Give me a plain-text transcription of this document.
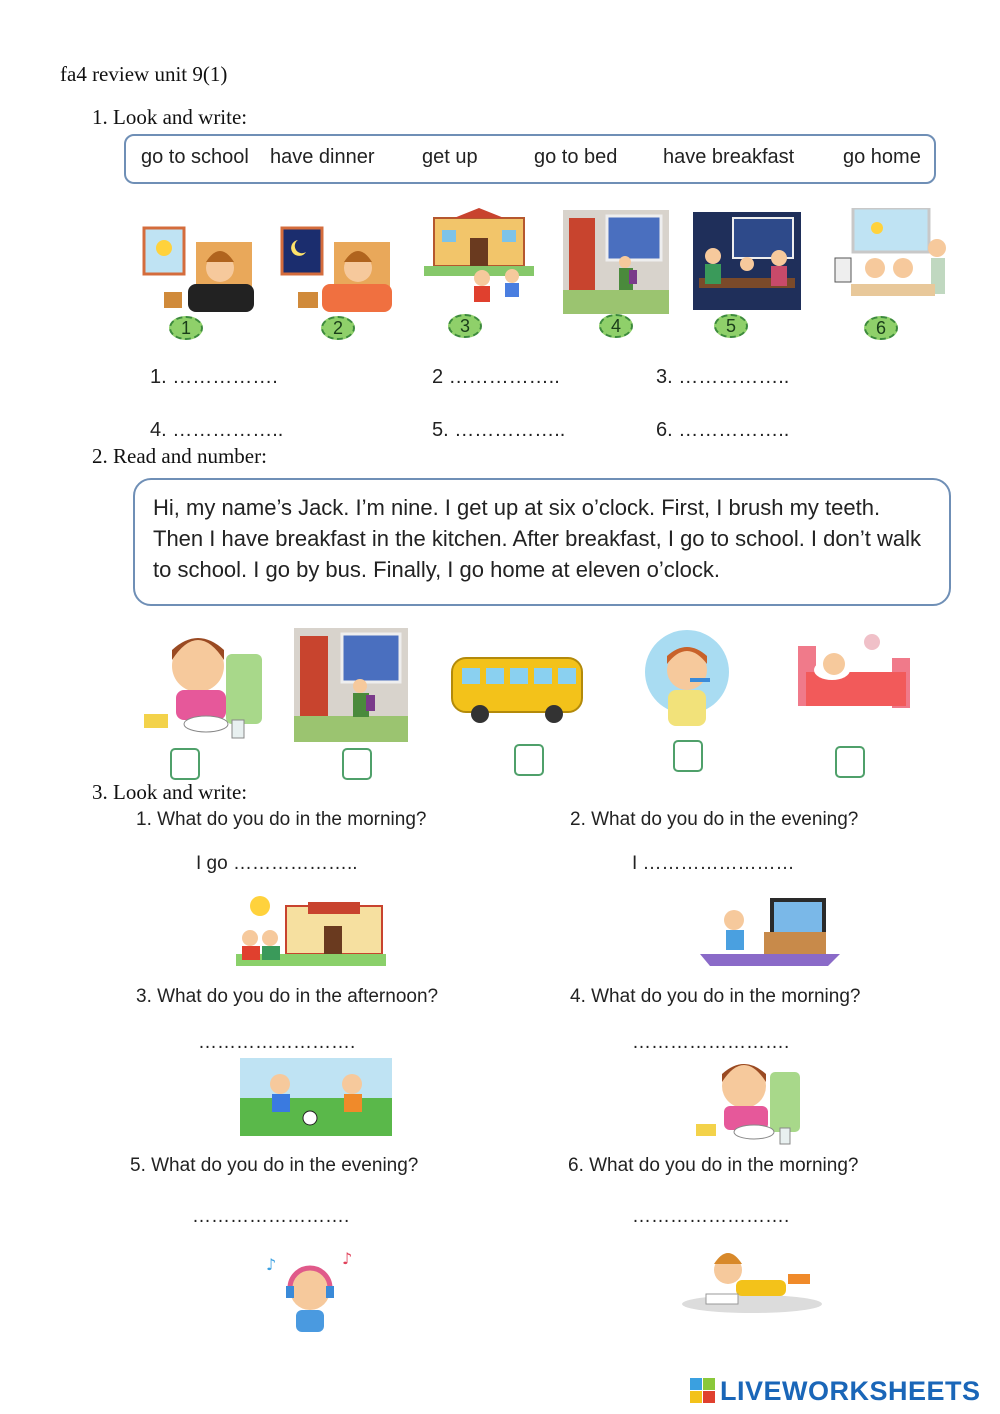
fa4 review unit 9(1)
1. Look and write:
go to school have dinner get up	go to bed have breakfast go home
1	2	3	4	5	6
1. …………….	2 ……………..	3. ……………..
4. ……………..	5. ……………..	6. ……………..
2. Read and number:
Hi, my name’s Jack. I’m nine. I get up at six o’clock. First, I brush my teeth. Then I have breakfast in the kitchen. After breakfast, I go to school. I don’t walk to school. I go by bus. Finally, I go home at eleven o’clock.
3. Look and write:
1. What do you do in the morning?	2. What do you do in the evening?
I go ………………..	I ……………………
3. What do you do in the afternoon?	4. What do you do in the morning?
…………………….	…………………….
5. What do you do in the evening?	6. What do you do in the morning?
…………………….	…………………….
♪	♪
LIVEWORKSHEETS
